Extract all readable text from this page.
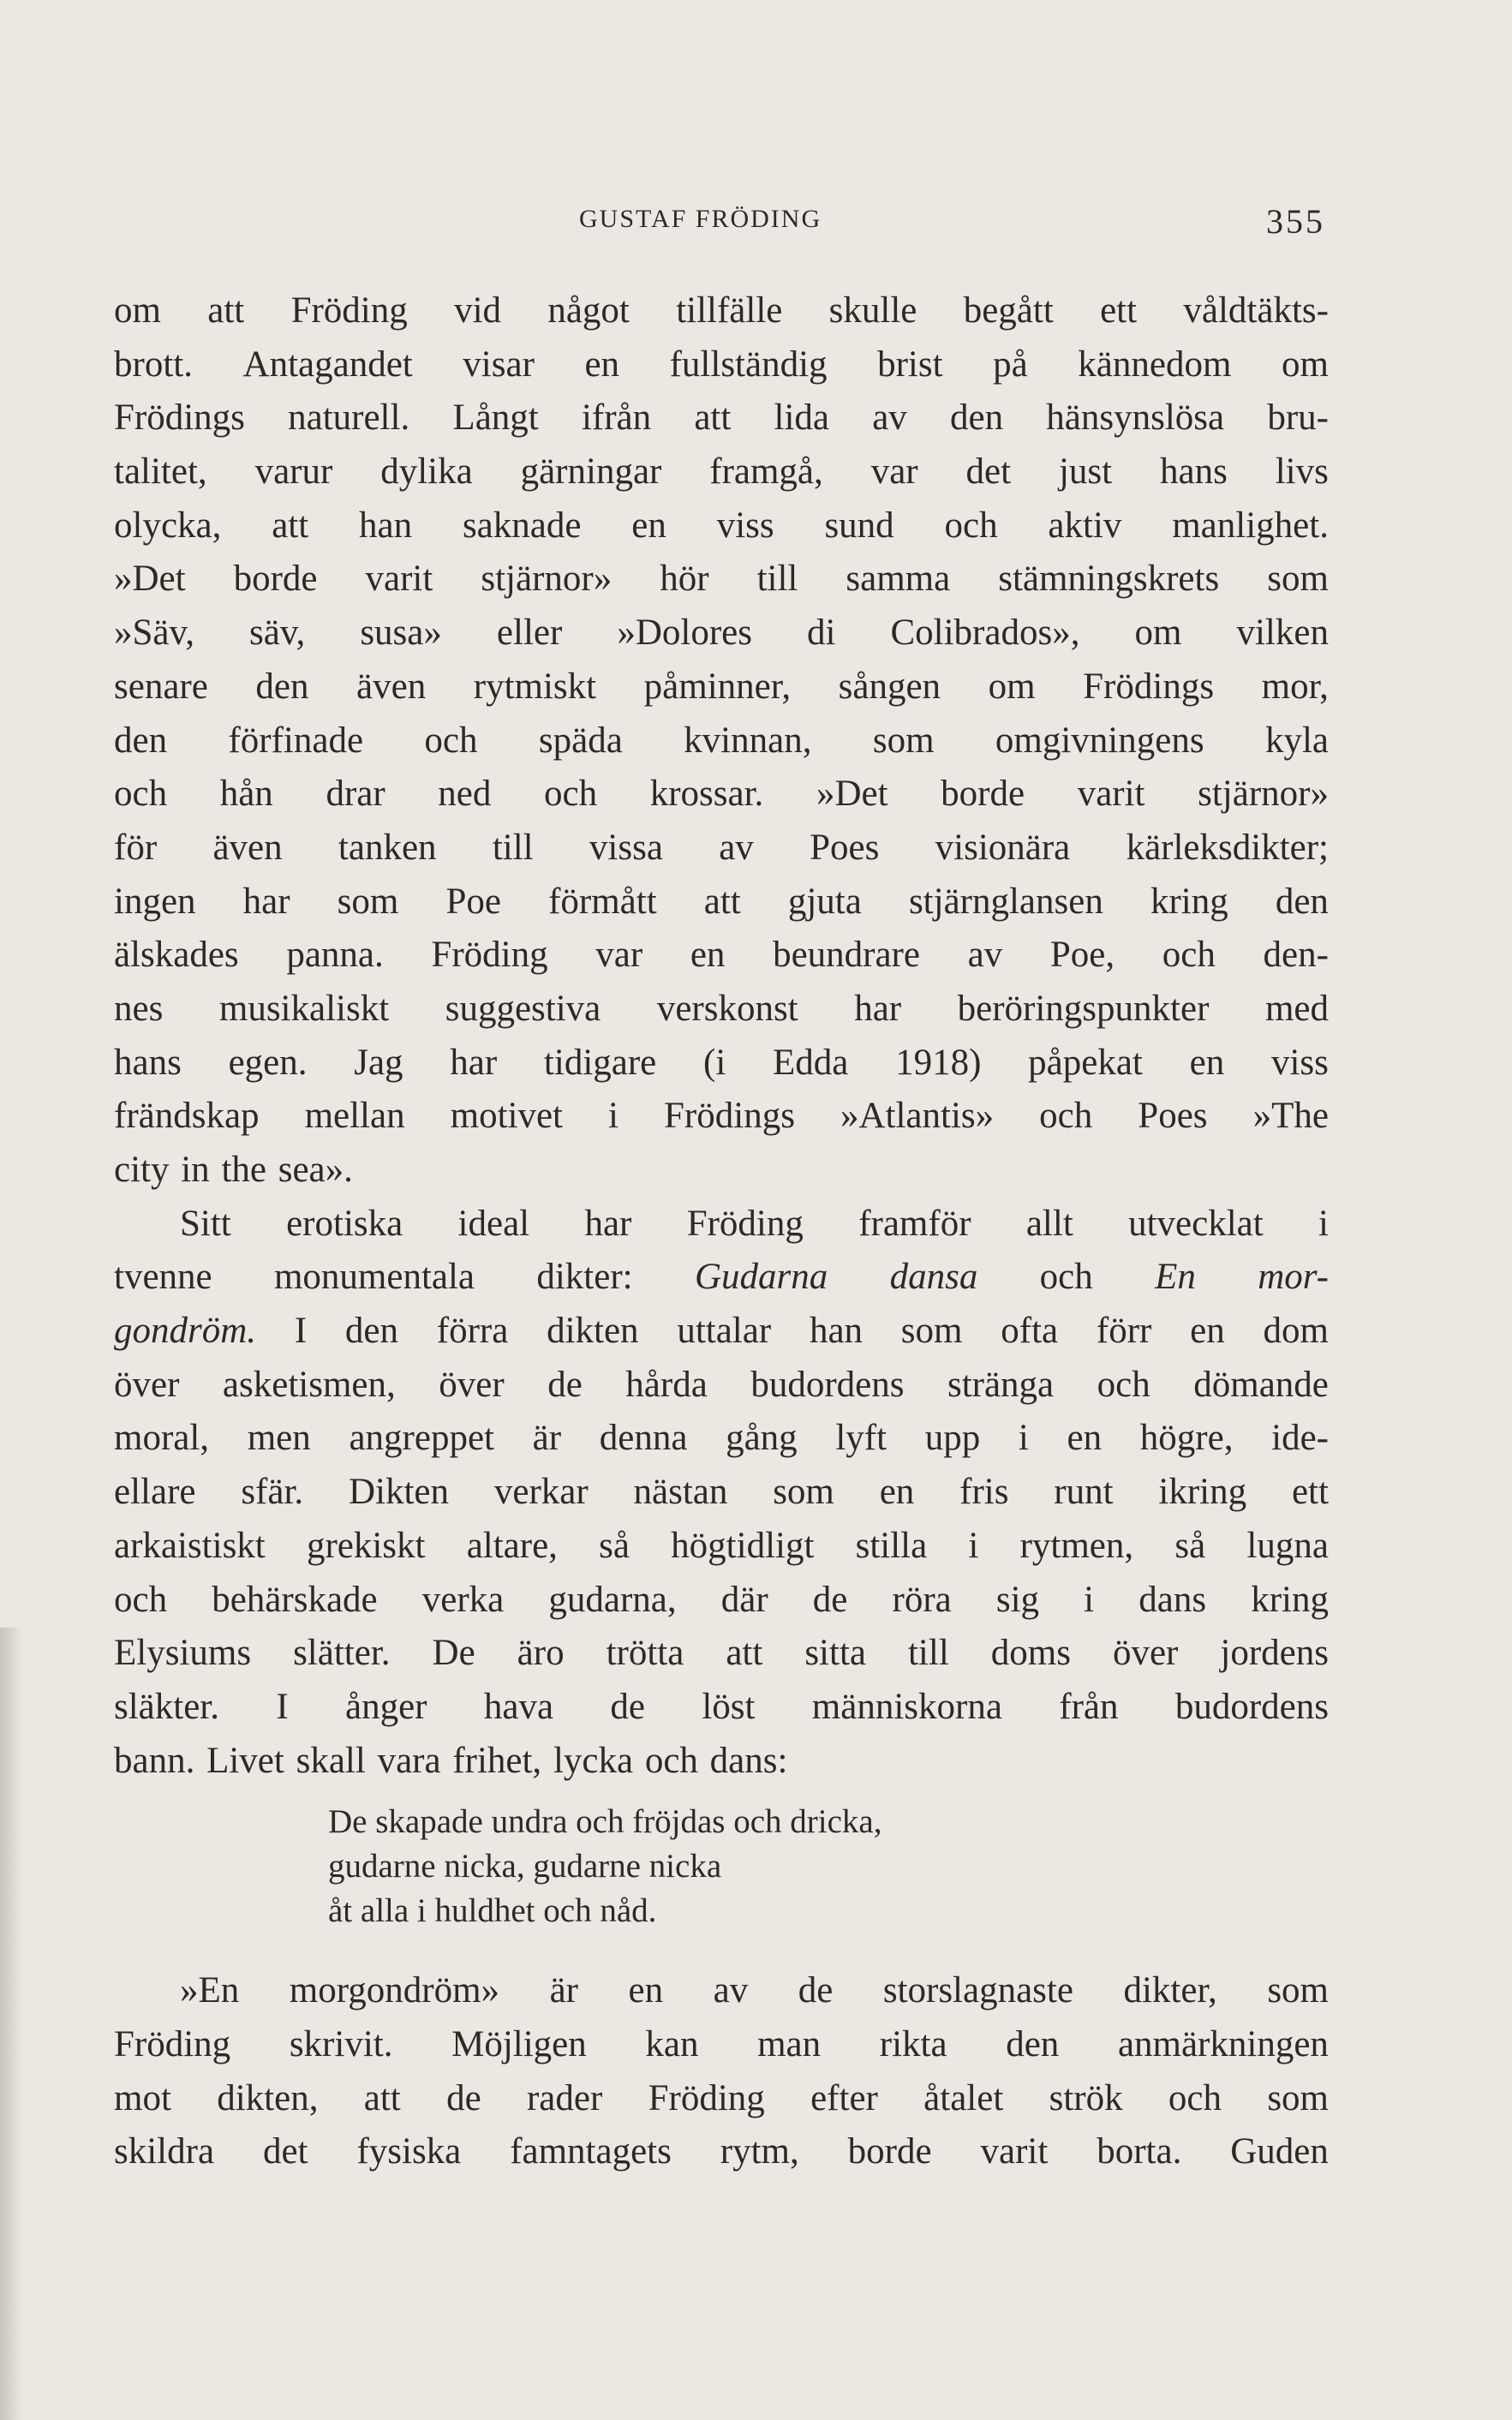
GUSTAF FRÖDING	355
om att Fröding vid något tillfälle skulle begått ett våldtäkts-
brott. Antagandet visar en fullständig brist på kännedom om
Frödings naturell. Långt ifrån att lida av den hänsynslösa bru-
talitet, varur dylika gärningar framgå, var det just hans livs
olycka, att han saknade en viss sund och aktiv manlighet.
»Det borde varit stjärnor» hör till samma stämningskrets som
»Säv, säv, susa» eller »Dolores di Colibrados», om vilken
senare den även rytmiskt påminner, sången om Frödings mor,
den förfinade och späda kvinnan, som omgivningens kyla
och hån drar ned och krossar. »Det borde varit stjärnor»
för även tanken till vissa av Poes visionära kärleksdikter;
ingen har som Poe förmått att gjuta stjärnglansen kring den
älskades panna. Fröding var en beundrare av Poe, och den-
nes musikaliskt suggestiva verskonst har beröringspunkter med
hans egen. Jag har tidigare (i Edda 1918) påpekat en viss
frändskap mellan motivet i Frödings »Atlantis» och Poes »The
city in the sea».
Sitt erotiska ideal har Fröding framför allt utvecklat i
tvenne monumentala dikter: Gudarna dansa och En mor-
gondröm. I den förra dikten uttalar han som ofta förr en dom
över asketismen, över de hårda budordens stränga och dömande
moral, men angreppet är denna gång lyft upp i en högre, ide-
ellare sfär. Dikten verkar nästan som en fris runt ikring ett
arkaistiskt grekiskt altare, så högtidligt stilla i rytmen, så lugna
och behärskade verka gudarna, där de röra sig i dans kring
Elysiums slätter. De äro trötta att sitta till doms över jordens
släkter. I ånger hava de löst människorna från budordens
bann. Livet skall vara frihet, lycka och dans:
De skapade undra och fröjdas och dricka,
gudarne nicka, gudarne nicka
åt alla i huldhet och nåd.
»En morgondröm» är en av de storslagnaste dikter, som
Fröding skrivit. Möjligen kan man rikta den anmärkningen
mot dikten, att de rader Fröding efter åtalet strök och som
skildra det fysiska famntagets rytm, borde varit borta. Guden
